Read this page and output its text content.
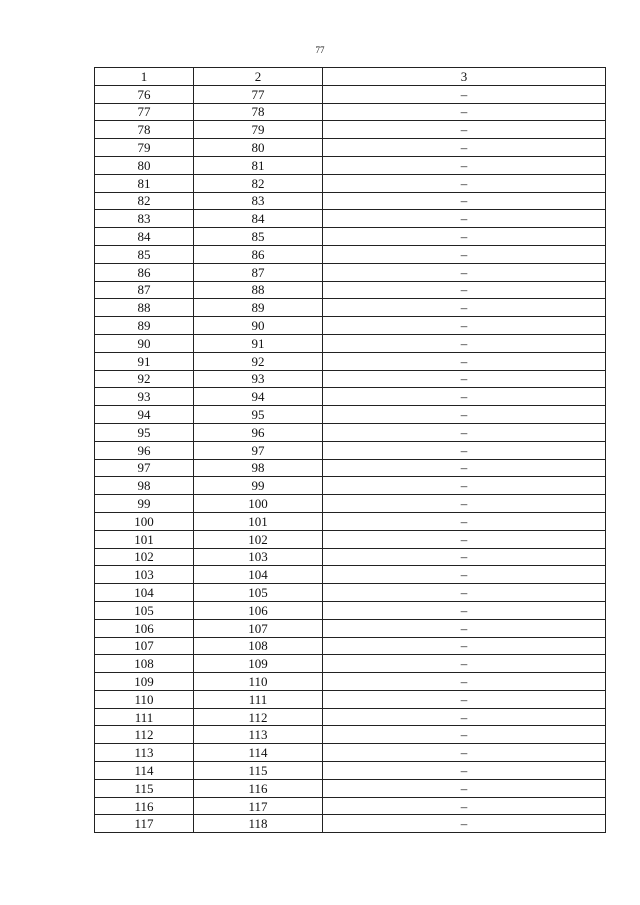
77
1	2	3
76	77	–
77	78	–
78	79	–
79	80	–
80	81	–
81	82	–
82	83	–
83	84	–
84	85	–
85	86	–
86	87	–
87	88	–
88	89	–
89	90	–
90	91	–
91	92	–
92	93	–
93	94	–
94	95	–
95	96	–
96	97	–
97	98	–
98	99	–
99	100	–
100	101	–
101	102	–
102	103	–
103	104	–
104	105	–
105	106	–
106	107	–
107	108	–
108	109	–
109	110	–
110	111	–
111	112	–
112	113	–
113	114	–
114	115	–
115	116	–
116	117	–
117	118	–
